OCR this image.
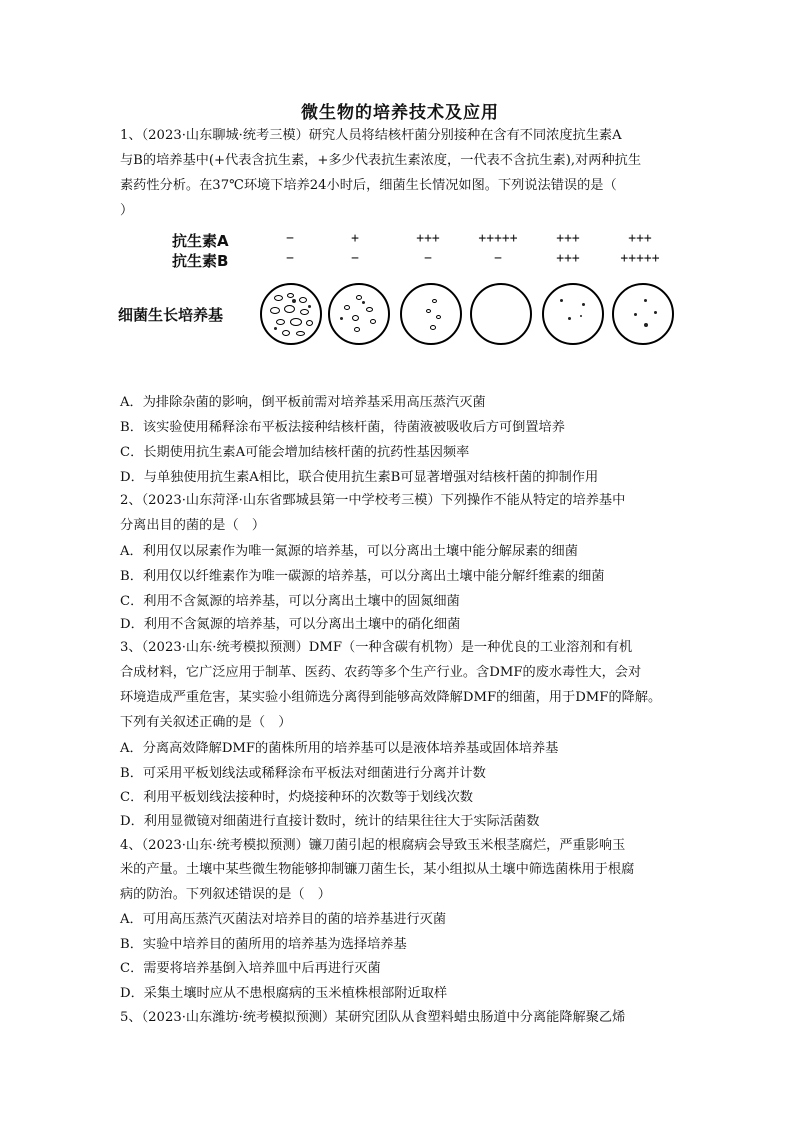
微生物的培养技术及应用
1、（2023·山东聊城·统考三模）研究人员将结核杆菌分别接种在含有不同浓度抗生素A
与B的培养基中(+代表含抗生素，+多少代表抗生素浓度，一代表不含抗生素),对两种抗生
素药性分析。在37℃环境下培养24小时后，细菌生长情况如图。下列说法错误的是（
）
抗生素A
抗生素B
细菌生长培养基
−	+	+++	+++++	+++	+++
−	−	−	−	+++	+++++
A．为排除杂菌的影响，倒平板前需对培养基采用高压蒸汽灭菌
B．该实验使用稀释涂布平板法接种结核杆菌，待菌液被吸收后方可倒置培养
C．长期使用抗生素A可能会增加结核杆菌的抗药性基因频率
D．与单独使用抗生素A相比，联合使用抗生素B可显著增强对结核杆菌的抑制作用
2、（2023·山东菏泽·山东省鄄城县第一中学校考三模）下列操作不能从特定的培养基中
分离出目的菌的是（　）
A．利用仅以尿素作为唯一氮源的培养基，可以分离出土壤中能分解尿素的细菌
B．利用仅以纤维素作为唯一碳源的培养基，可以分离出土壤中能分解纤维素的细菌
C．利用不含氮源的培养基，可以分离出土壤中的固氮细菌
D．利用不含氮源的培养基，可以分离出土壤中的硝化细菌
3、（2023·山东·统考模拟预测）DMF（一种含碳有机物）是一种优良的工业溶剂和有机
合成材料，它广泛应用于制革、医药、农药等多个生产行业。含DMF的废水毒性大，会对
环境造成严重危害，某实验小组筛选分离得到能够高效降解DMF的细菌，用于DMF的降解。
下列有关叙述正确的是（　）
A．分离高效降解DMF的菌株所用的培养基可以是液体培养基或固体培养基
B．可采用平板划线法或稀释涂布平板法对细菌进行分离并计数
C．利用平板划线法接种时，灼烧接种环的次数等于划线次数
D．利用显微镜对细菌进行直接计数时，统计的结果往往大于实际活菌数
4、（2023·山东·统考模拟预测）镰刀菌引起的根腐病会导致玉米根茎腐烂，严重影响玉
米的产量。土壤中某些微生物能够抑制镰刀菌生长，某小组拟从土壤中筛选菌株用于根腐
病的防治。下列叙述错误的是（　）
A．可用高压蒸汽灭菌法对培养目的菌的培养基进行灭菌
B．实验中培养目的菌所用的培养基为选择培养基
C．需要将培养基倒入培养皿中后再进行灭菌
D．采集土壤时应从不患根腐病的玉米植株根部附近取样
5、（2023·山东潍坊·统考模拟预测）某研究团队从食塑料蜡虫肠道中分离能降解聚乙烯
